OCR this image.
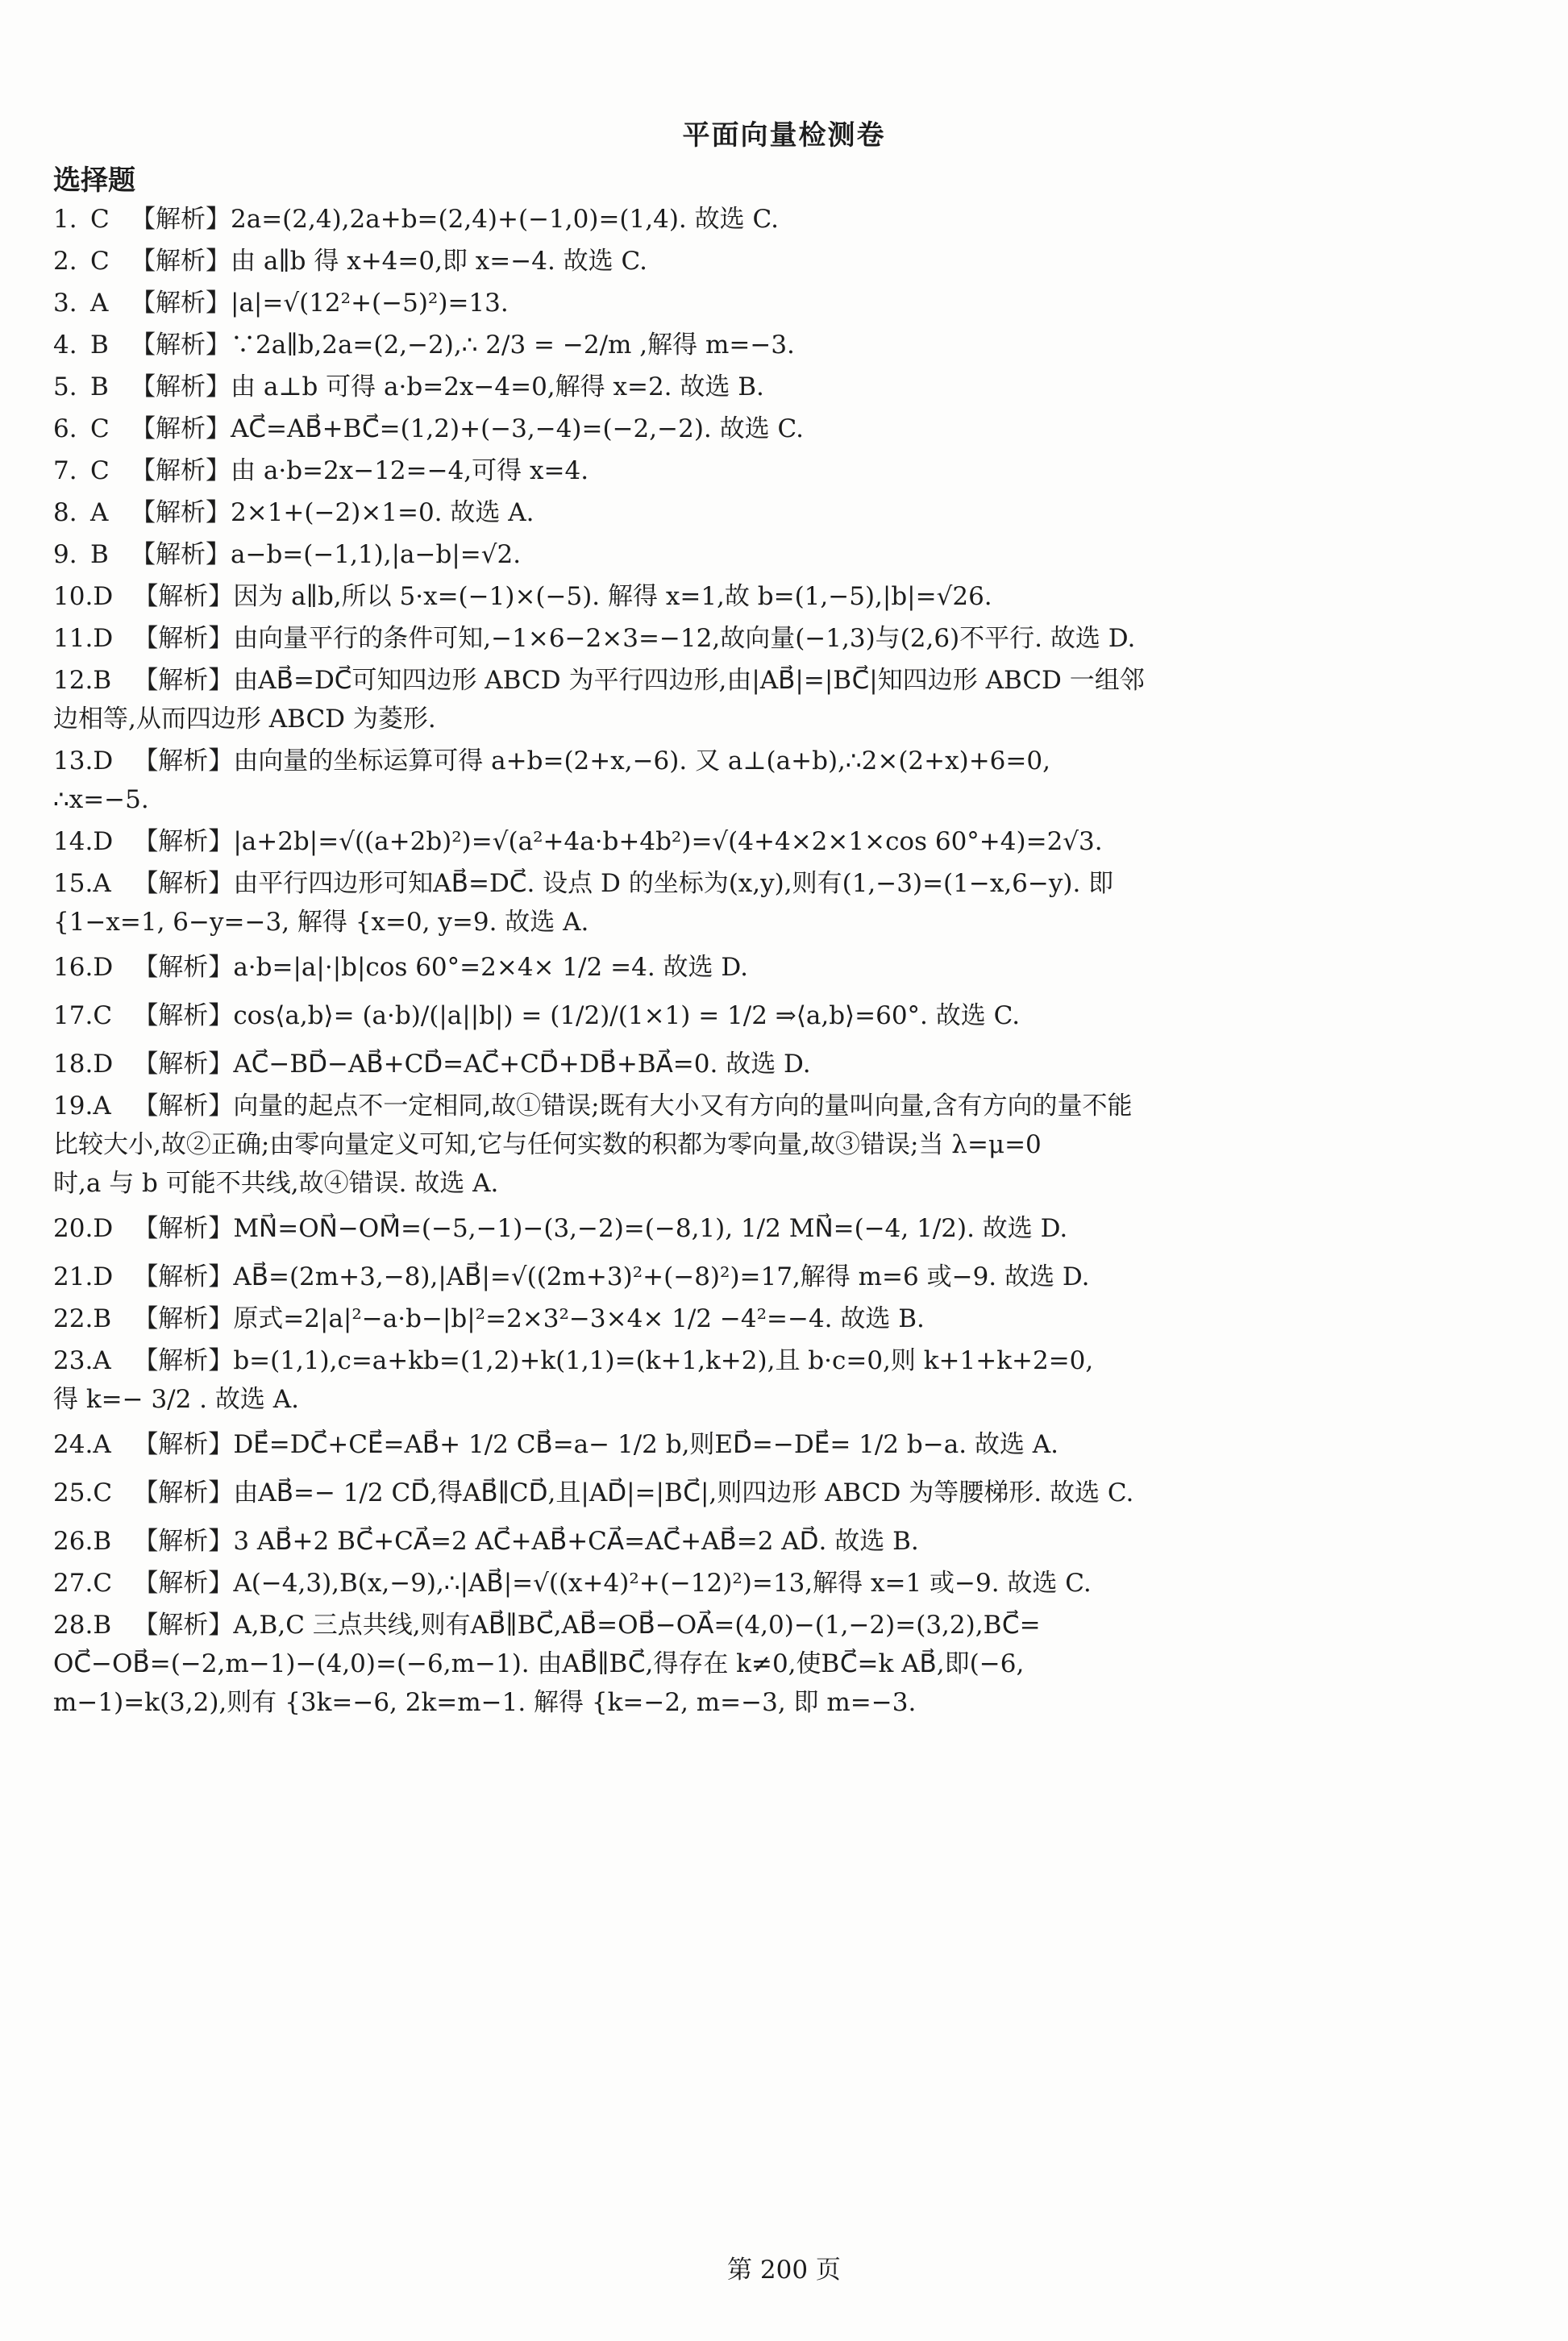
平面向量检测卷
选择题
1. C 【解析】2a=(2,4),2a+b=(2,4)+(−1,0)=(1,4). 故选 C.
2. C 【解析】由 a∥b 得 x+4=0,即 x=−4. 故选 C.
3. A 【解析】|a|=√(12²+(−5)²)=13.
4. B 【解析】∵2a∥b,2a=(2,−2),∴ 2/3 = −2/m ,解得 m=−3.
5. B 【解析】由 a⊥b 可得 a·b=2x−4=0,解得 x=2. 故选 B.
6. C 【解析】AC⃗=AB⃗+BC⃗=(1,2)+(−3,−4)=(−2,−2). 故选 C.
7. C 【解析】由 a·b=2x−12=−4,可得 x=4.
8. A 【解析】2×1+(−2)×1=0. 故选 A.
9. B 【解析】a−b=(−1,1),|a−b|=√2.
10.D 【解析】因为 a∥b,所以 5·x=(−1)×(−5). 解得 x=1,故 b=(1,−5),|b|=√26.
11.D 【解析】由向量平行的条件可知,−1×6−2×3=−12,故向量(−1,3)与(2,6)不平行. 故选 D.
12.B 【解析】由AB⃗=DC⃗可知四边形 ABCD 为平行四边形,由|AB⃗|=|BC⃗|知四边形 ABCD 一组邻
边相等,从而四边形 ABCD 为菱形.
13.D 【解析】由向量的坐标运算可得 a+b=(2+x,−6). 又 a⊥(a+b),∴2×(2+x)+6=0,
∴x=−5.
14.D 【解析】|a+2b|=√((a+2b)²)=√(a²+4a·b+4b²)=√(4+4×2×1×cos 60°+4)=2√3.
15.A 【解析】由平行四边形可知AB⃗=DC⃗. 设点 D 的坐标为(x,y),则有(1,−3)=(1−x,6−y). 即
{1−x=1, 6−y=−3, 解得 {x=0, y=9. 故选 A.
16.D 【解析】a·b=|a|·|b|cos 60°=2×4× 1/2 =4. 故选 D.
17.C 【解析】cos⟨a,b⟩= (a·b)/(|a||b|) = (1/2)/(1×1) = 1/2 ⇒⟨a,b⟩=60°. 故选 C.
18.D 【解析】AC⃗−BD⃗−AB⃗+CD⃗=AC⃗+CD⃗+DB⃗+BA⃗=0. 故选 D.
19.A 【解析】向量的起点不一定相同,故①错误;既有大小又有方向的量叫向量,含有方向的量不能
比较大小,故②正确;由零向量定义可知,它与任何实数的积都为零向量,故③错误;当 λ=μ=0
时,a 与 b 可能不共线,故④错误. 故选 A.
20.D 【解析】MN⃗=ON⃗−OM⃗=(−5,−1)−(3,−2)=(−8,1), 1/2 MN⃗=(−4, 1/2). 故选 D.
21.D 【解析】AB⃗=(2m+3,−8),|AB⃗|=√((2m+3)²+(−8)²)=17,解得 m=6 或−9. 故选 D.
22.B 【解析】原式=2|a|²−a·b−|b|²=2×3²−3×4× 1/2 −4²=−4. 故选 B.
23.A 【解析】b=(1,1),c=a+kb=(1,2)+k(1,1)=(k+1,k+2),且 b·c=0,则 k+1+k+2=0,
得 k=− 3/2 . 故选 A.
24.A 【解析】DE⃗=DC⃗+CE⃗=AB⃗+ 1/2 CB⃗=a− 1/2 b,则ED⃗=−DE⃗= 1/2 b−a. 故选 A.
25.C 【解析】由AB⃗=− 1/2 CD⃗,得AB⃗∥CD⃗,且|AD⃗|=|BC⃗|,则四边形 ABCD 为等腰梯形. 故选 C.
26.B 【解析】3 AB⃗+2 BC⃗+CA⃗=2 AC⃗+AB⃗+CA⃗=AC⃗+AB⃗=2 AD⃗. 故选 B.
27.C 【解析】A(−4,3),B(x,−9),∴|AB⃗|=√((x+4)²+(−12)²)=13,解得 x=1 或−9. 故选 C.
28.B 【解析】A,B,C 三点共线,则有AB⃗∥BC⃗,AB⃗=OB⃗−OA⃗=(4,0)−(1,−2)=(3,2),BC⃗=
OC⃗−OB⃗=(−2,m−1)−(4,0)=(−6,m−1). 由AB⃗∥BC⃗,得存在 k≠0,使BC⃗=k AB⃗,即(−6,
m−1)=k(3,2),则有 {3k=−6, 2k=m−1. 解得 {k=−2, m=−3, 即 m=−3.
第 200 页
